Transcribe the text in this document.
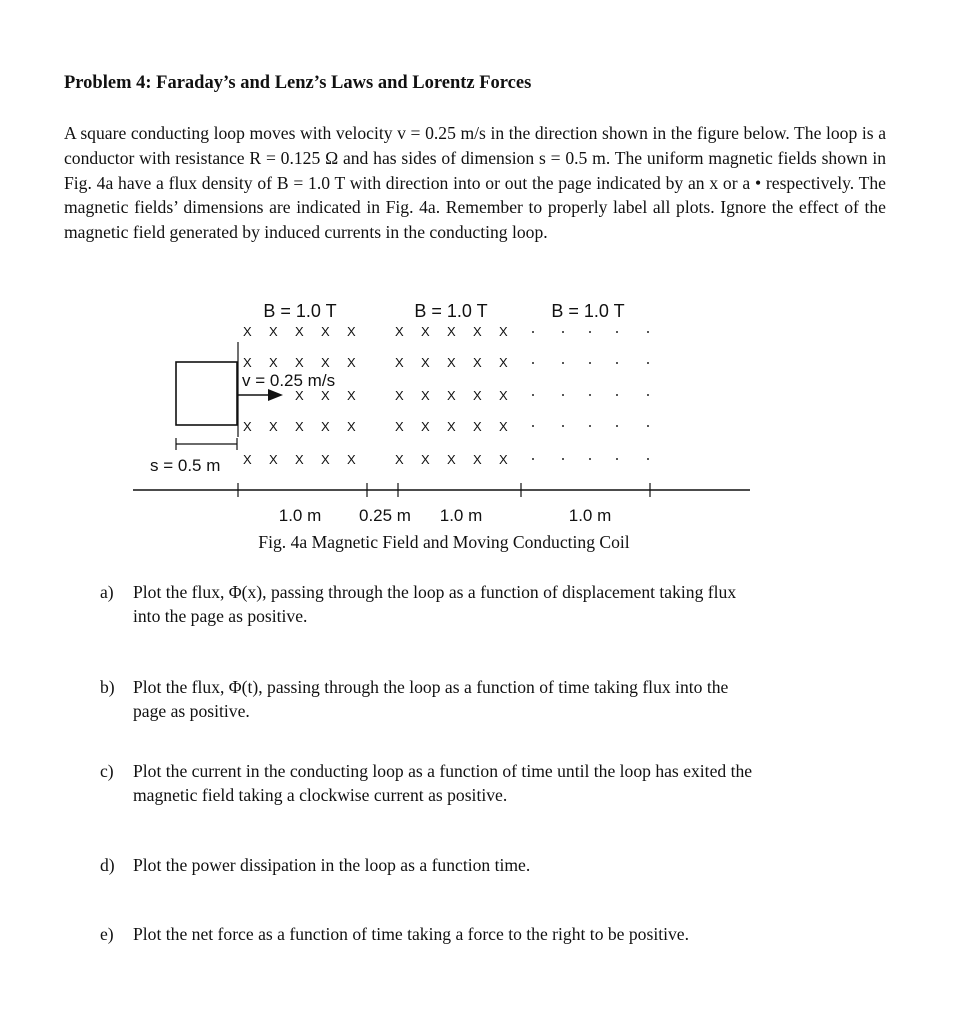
Problem 4: Faraday’s and Lenz’s Laws and Lorentz Forces
A square conducting loop moves with velocity v = 0.25 m/s in the direction shown in the figure below. The loop is a conductor with resistance R = 0.125 Ω and has sides of dimension s = 0.5 m. The uniform magnetic fields shown in Fig. 4a have a flux density of B = 1.0 T with direction into or out the page indicated by an x or a • respectively. The magnetic fields’ dimensions are indicated in Fig. 4a. Remember to properly label all plots. Ignore the effect of the magnetic field generated by induced currents in the conducting loop.
B = 1.0 T	B = 1.0 T	B = 1.0 T
X X X X X
X X X X X
X X X
X X X X X
X X X X X
X X X X X
X X X X X
X X X X X
X X X X X
X X X X X
v = 0.25 m/s
s = 0.5 m
1.0 m 0.25 m 1.0 m	1.0 m
Fig. 4a Magnetic Field and Moving Conducting Coil
a) Plot the flux, Φ(x), passing through the loop as a function of displacement taking flux
into the page as positive.
b) Plot the flux, Φ(t), passing through the loop as a function of time taking flux into the
page as positive.
c) Plot the current in the conducting loop as a function of time until the loop has exited the
magnetic field taking a clockwise current as positive.
d) Plot the power dissipation in the loop as a function time.
e) Plot the net force as a function of time taking a force to the right to be positive.
